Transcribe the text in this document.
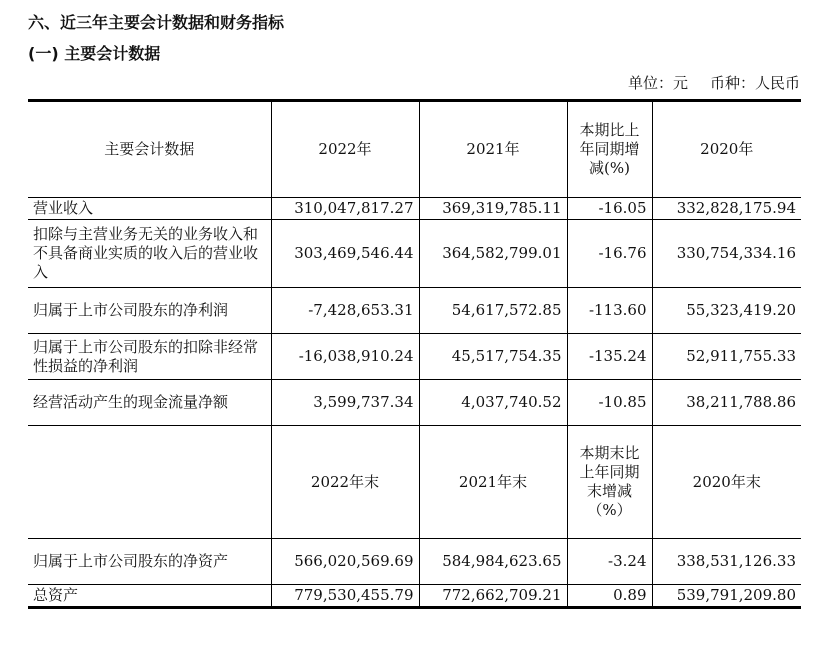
六、近三年主要会计数据和财务指标
(一) 主要会计数据
单位：元 币种：人民币
主要会计数据	2022年	2021年	本期比上年同期增减(%)	2020年
营业收入	310,047,817.27	369,319,785.11	-16.05	332,828,175.94
扣除与主营业务无关的业务收入和不具备商业实质的收入后的营业收入	303,469,546.44	364,582,799.01	-16.76	330,754,334.16
归属于上市公司股东的净利润	-7,428,653.31	54,617,572.85	-113.60	55,323,419.20
归属于上市公司股东的扣除非经常性损益的净利润	-16,038,910.24	45,517,754.35	-135.24	52,911,755.33
经营活动产生的现金流量净额	3,599,737.34	4,037,740.52	-10.85	38,211,788.86
	2022年末	2021年末	本期末比上年同期末增减（%）	2020年末
归属于上市公司股东的净资产	566,020,569.69	584,984,623.65	-3.24	338,531,126.33
总资产	779,530,455.79	772,662,709.21	0.89	539,791,209.80
